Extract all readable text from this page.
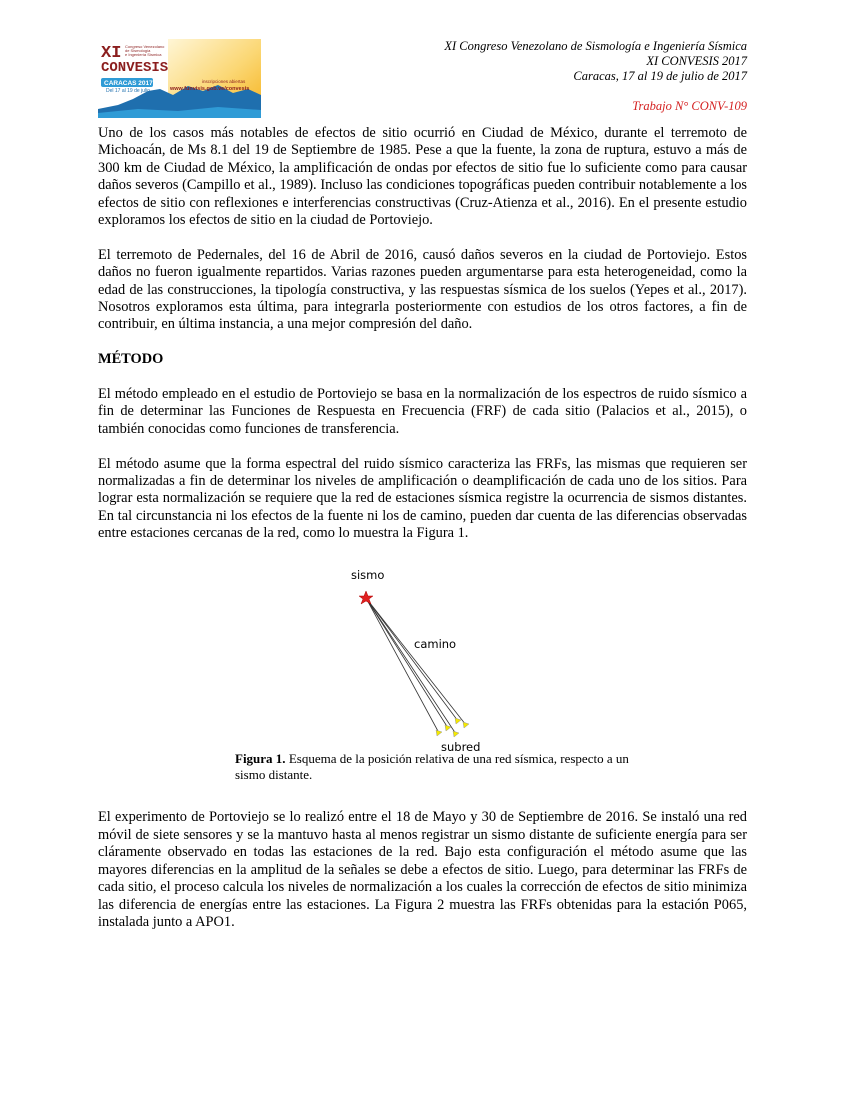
XI
CONVESIS
Congreso Venezolano
de Sismología
e Ingeniería Sísmica
CARACAS 2017
Del 17 al 19 de julio
inscripciones abiertas
www.funvisis.gob.ve/convesis
XI Congreso Venezolano de Sismología e Ingeniería Sísmica
XI CONVESIS 2017
Caracas, 17 al 19 de julio de 2017
Trabajo N° CONV-109

Uno de los casos más notables de efectos de sitio ocurrió en Ciudad de México, durante el terremoto de Michoacán, de Ms 8.1 del 19 de Septiembre de 1985. Pese a que la fuente, la zona de ruptura, estuvo a más de 300 km de Ciudad de México, la amplificación de ondas por efectos de sitio fue lo suficiente como para causar daños severos (Campillo et al., 1989). Incluso las condiciones topográficas pueden contribuir notablemente a los efectos de sitio con reflexiones e interferencias constructivas (Cruz-Atienza et al., 2016). En el presente estudio exploramos los efectos de sitio en la ciudad de Portoviejo.

El terremoto de Pedernales, del 16 de Abril de 2016, causó daños severos en la ciudad de Portoviejo. Estos daños no fueron igualmente repartidos. Varias razones pueden argumentarse para esta heterogeneidad, como la edad de las construcciones, la tipología constructiva, y las respuestas sísmica de los suelos (Yepes et al., 2017). Nosotros exploramos esta última, para integrarla posteriormente con estudios de los otros factores, a fin de contribuir, en última instancia, a una mejor compresión del daño.

MÉTODO

El método empleado en el estudio de Portoviejo se basa en la normalización de los espectros de ruido sísmico a fin de determinar las Funciones de Respuesta en Frecuencia (FRF) de cada sitio (Palacios et al., 2015), o también conocidas como funciones de transferencia.

El método asume que la forma espectral del ruido sísmico caracteriza las FRFs, las mismas que requieren ser normalizadas a fin de determinar los niveles de amplificación o deamplificación de cada uno de los sitios. Para lograr esta normalización se requiere que la red de estaciones sísmica registre la ocurrencia de sismos distantes. En tal circunstancia ni los efectos de la fuente ni los de camino, pueden dar cuenta de las diferencias observadas entre estaciones cercanas de la red, como lo muestra la Figura 1.

sismo
camino
subred
Figura 1. Esquema de la posición relativa de una red sísmica, respecto a un sismo distante.

El experimento de Portoviejo se lo realizó entre el 18 de Mayo y 30 de Septiembre de 2016. Se instaló una red móvil de siete sensores y se la mantuvo hasta al menos registrar un sismo distante de suficiente energía para ser cláramente observado en todas las estaciones de la red. Bajo esta configuración el método asume que las mayores diferencias en la amplitud de la señales se debe a efectos de sitio. Luego, para determinar las FRFs de cada sitio, el proceso calcula los niveles de normalización a los cuales la corrección de efectos de sitio minimiza las diferencia de energías entre las estaciones. La Figura 2 muestra las FRFs obtenidas para la estación P065, instalada junto a APO1.
